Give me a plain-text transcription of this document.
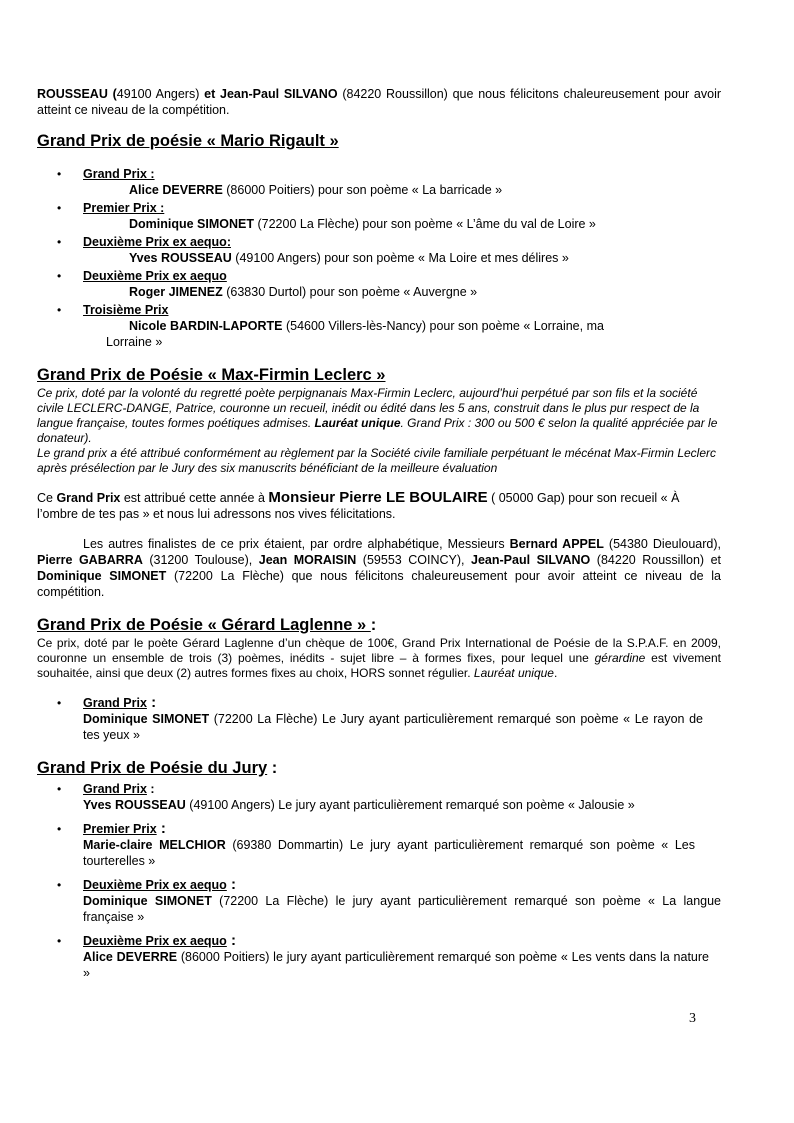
ROUSSEAU (49100 Angers) et Jean-Paul SILVANO (84220 Roussillon) que nous félicitons chaleureusement pour avoir atteint ce niveau de la compétition.

Grand Prix de poésie « Mario Rigault »
• Grand Prix :

Alice DEVERRE (86000 Poitiers) pour son poème « La barricade »

• Premier Prix :

Dominique SIMONET (72200 La Flèche) pour son poème « L’âme du val de Loire »

• Deuxième Prix ex aequo:

Yves ROUSSEAU (49100 Angers) pour son poème « Ma Loire et mes délires »

• Deuxième Prix ex aequo

Roger JIMENEZ (63830 Durtol) pour son poème « Auvergne »

• Troisième Prix

Nicole BARDIN-LAPORTE (54600 Villers-lès-Nancy) pour son poème « Lorraine, ma

Lorraine »

Grand Prix de Poésie « Max-Firmin Leclerc »

Ce prix, doté par la volonté du regretté poète perpignanais Max-Firmin Leclerc, aujourd’hui perpétué par son fils et la société civile LECLERC-DANGE, Patrice, couronne un recueil, inédit ou édité dans les 5 ans, construit dans le plus pur respect de la langue française, toutes formes poétiques admises. Lauréat unique. Grand Prix : 300 ou 500 € selon la qualité appréciée par le donateur).

Le grand prix a été attribué conformément au règlement par la Société civile familiale perpétuant le mécénat Max-Firmin Leclerc après présélection par le Jury des six manuscrits bénéficiant de la meilleure évaluation

Ce Grand Prix est attribué cette année à Monsieur Pierre LE BOULAIRE ( 05000 Gap) pour son recueil « À l’ombre de tes pas » et nous lui adressons nos vives félicitations.

Les autres finalistes de ce prix étaient, par ordre alphabétique, Messieurs Bernard APPEL (54380 Dieulouard), Pierre GABARRA (31200 Toulouse), Jean MORAISIN (59553 COINCY), Jean-Paul SILVANO (84220 Roussillon) et Dominique SIMONET (72200 La Flèche) que nous félicitons chaleureusement pour avoir atteint ce niveau de la compétition.

Grand Prix de Poésie « Gérard Laglenne » :

Ce prix, doté par le poète Gérard Laglenne d’un chèque de 100€, Grand Prix International de Poésie de la S.P.A.F. en 2009, couronne un ensemble de trois (3) poèmes, inédits - sujet libre – à formes fixes, pour lequel une gérardine est vivement souhaitée, ainsi que deux (2) autres formes fixes au choix, HORS sonnet régulier. Lauréat unique.

• Grand Prix :

Dominique SIMONET (72200 La Flèche) Le Jury ayant particulièrement remarqué son poème « Le rayon de tes yeux »

Grand Prix de Poésie du Jury :
• Grand Prix :

Yves ROUSSEAU (49100 Angers) Le jury ayant particulièrement remarqué son poème « Jalousie »

• Premier Prix :

Marie-claire MELCHIOR (69380 Dommartin) Le jury ayant particulièrement remarqué son poème « Les tourterelles »

• Deuxième Prix ex aequo :

Dominique SIMONET (72200 La Flèche) le jury ayant particulièrement remarqué son poème « La langue française »

• Deuxième Prix ex aequo :

Alice DEVERRE (86000 Poitiers) le jury ayant particulièrement remarqué son poème « Les vents dans la nature »

3
